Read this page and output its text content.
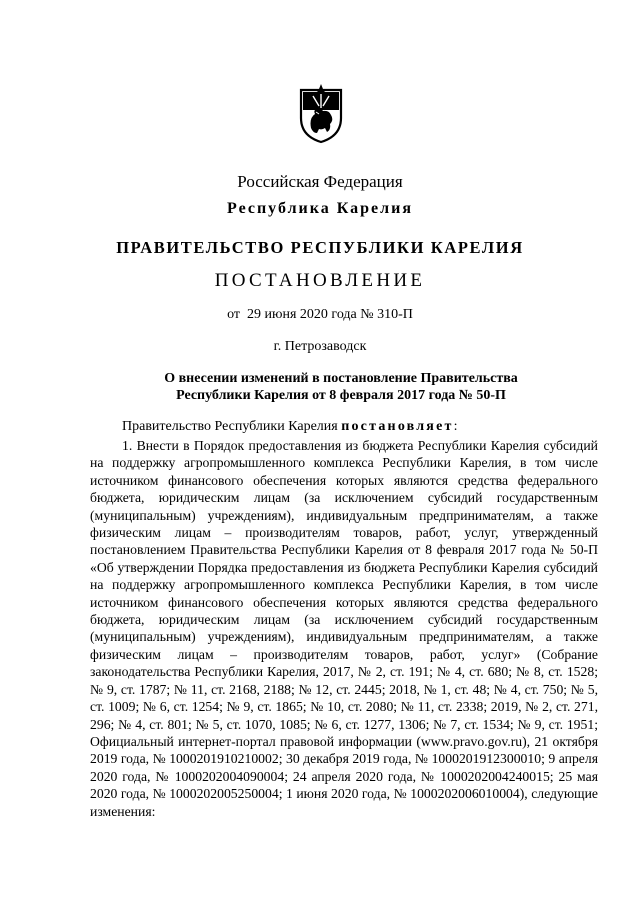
Российская Федерация
Республика Карелия
ПРАВИТЕЛЬСТВО РЕСПУБЛИКИ КАРЕЛИЯ
ПОСТАНОВЛЕНИЕ
от  29 июня 2020 года № 310-П
г. Петрозаводск
О внесении изменений в постановление Правительства Республики Карелия от 8 февраля 2017 года № 50-П
Правительство Республики Карелия постановляет:

1. Внести в Порядок предоставления из бюджета Республики Карелия субсидий на поддержку агропромышленного комплекса Республики Карелия, в том числе источником финансового обеспечения которых являются средства федерального бюджета, юридическим лицам (за исключением субсидий государственным (муниципальным) учреждениям), индивидуальным предпринимателям, а также физическим лицам – производителям товаров, работ, услуг, утвержденный постановлением Правительства Республики Карелия от 8 февраля 2017 года № 50-П «Об утверждении Порядка предоставления из бюджета Республики Карелия субсидий на поддержку агропромышленного комплекса Республики Карелия, в том числе источником финансового обеспечения которых являются средства федерального бюджета, юридическим лицам (за исключением субсидий государственным (муниципальным) учреждениям), индивидуальным предпринимателям, а также физическим лицам – производителям товаров, работ, услуг» (Собрание законодательства Республики Карелия, 2017, № 2, ст. 191; № 4, ст. 680; № 8, ст. 1528; № 9, ст. 1787; № 11, ст. 2168, 2188; № 12, ст. 2445; 2018, № 1, ст. 48; № 4, ст. 750; № 5, ст. 1009; № 6, ст. 1254; № 9, ст. 1865; № 10, ст. 2080; № 11, ст. 2338; 2019, № 2, ст. 271, 296; № 4, ст. 801; № 5, ст. 1070, 1085; № 6, ст. 1277, 1306; № 7, ст. 1534; № 9, ст. 1951; Официальный интернет-портал правовой информации (www.pravo.gov.ru), 21 октября 2019 года, № 1000201910210002; 30 декабря 2019 года, № 1000201912300010; 9 апреля 2020 года, № 1000202004090004; 24 апреля 2020 года, № 1000202004240015; 25 мая 2020 года, № 1000202005250004; 1 июня 2020 года, № 1000202006010004), следующие изменения:
